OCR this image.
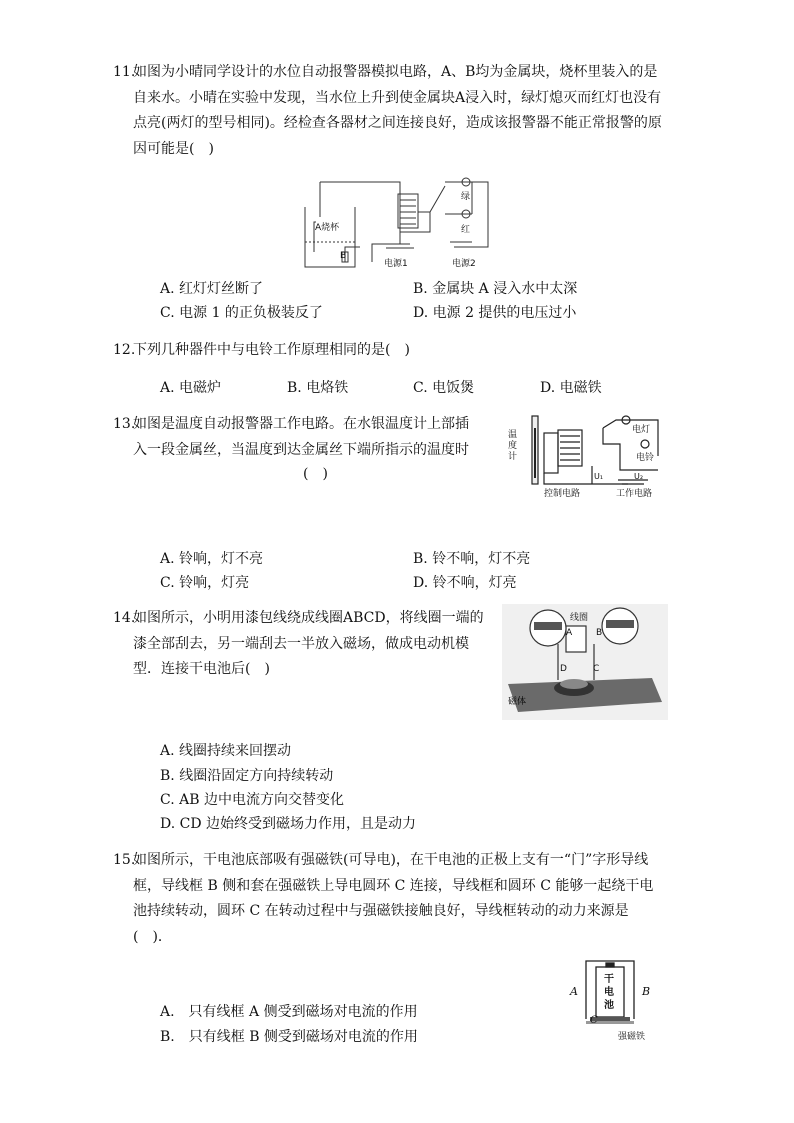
11.
如图为小晴同学设计的水位自动报警器模拟电路，A、B均为金属块，烧杯里装入的是自来水。小晴在实验中发现，当水位上升到使金属块A浸入时，绿灯熄灭而红灯也没有点亮(两灯的型号相同)。经检查各器材之间连接良好，造成该报警器不能正常报警的原因可能是(　)
A烧杯
B
绿
红
电源1	电源2
A. 红灯灯丝断了	B. 金属块 A 浸入水中太深
C. 电源 1 的正负极装反了	D. 电源 2 提供的电压过小
12.
下列几种器件中与电铃工作原理相同的是(　)
A. 电磁炉	B. 电烙铁	C. 电饭煲	D. 电磁铁
13.
如图是温度自动报警器工作电路。在水银温度计上部插入一段金属丝，当温度到达金属丝下端所指示的温度时
(　)
温度计
电灯
电铃
U₁	U₂
控制电路	工作电路
A. 铃响，灯不亮	B. 铃不响，灯不亮
C. 铃响，灯亮	D. 铃不响，灯亮
14.
如图所示，小明用漆包线绕成线圈ABCD，将线圈一端的漆全部刮去，另一端刮去一半放入磁场，做成电动机模型．连接干电池后(　)
线圈
A	B
C
D
磁体
A. 线圈持续来回摆动
B. 线圈沿固定方向持续转动
C. AB 边中电流方向交替变化
D. CD 边始终受到磁场力作用，且是动力
15.
如图所示，干电池底部吸有强磁铁(可导电)，在干电池的正极上支有一“门”字形导线框，导线框 B 侧和套在强磁铁上导电圆环 C 连接，导线框和圆环 C 能够一起绕干电池持续转动，圆环 C 在转动过程中与强磁铁接触良好，导线框转动的动力来源是(　)．
干电池
A	B
C
强磁铁
A.　只有线框 A 侧受到磁场对电流的作用
B.　只有线框 B 侧受到磁场对电流的作用
